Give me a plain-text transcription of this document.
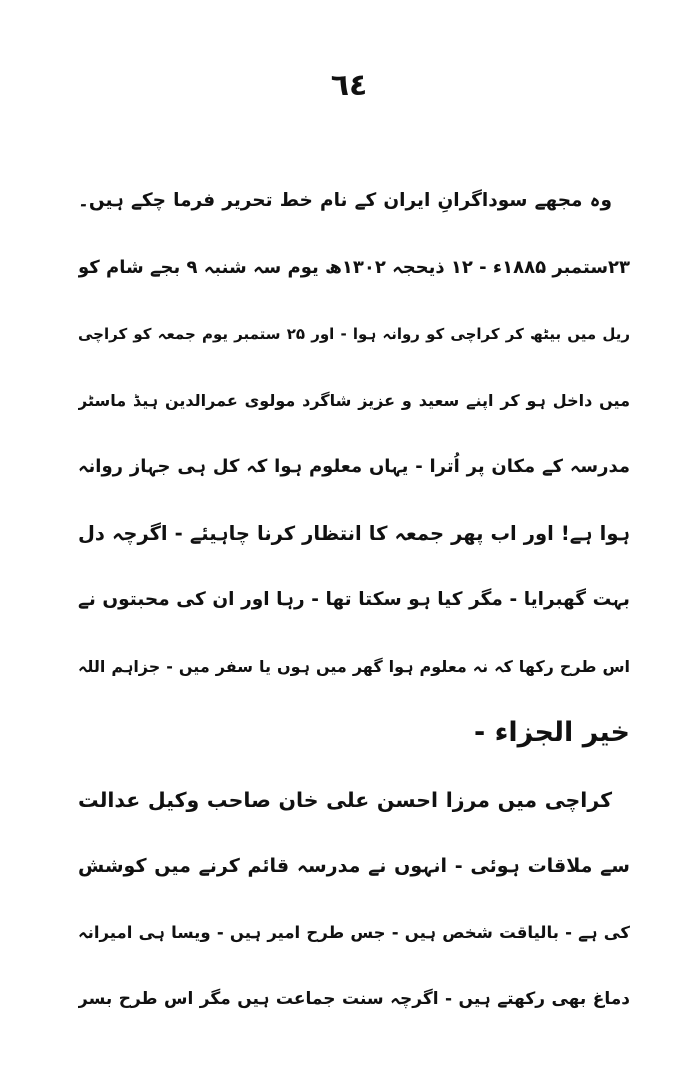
٦٤
وہ مجھے سوداگرانِ ایران کے نام خط تحریر فرما چکے ہیں۔
۲۳ستمبر ۱۸۸۵ء - ۱۲ ذیحجہ ۱۳۰۲ھ یوم سہ شنبہ ۹ بجے شام کو
ریل میں بیٹھ کر کراچی کو روانہ ہوا - اور ۲۵ ستمبر یوم جمعہ کو کراچی
میں داخل ہو کر اپنے سعید و عزیز شاگرد مولوی عمرالدین ہیڈ ماسٹر
مدرسہ کے مکان پر اُترا - یہاں معلوم ہوا کہ کل ہی جہاز روانہ
ہوا ہے! اور اب پھر جمعہ کا انتظار کرنا چاہیئے - اگرچہ دل
بہت گھبرایا - مگر کیا ہو سکتا تھا - رہا اور ان کی محبتوں نے
اس طرح رکھا کہ نہ معلوم ہوا گھر میں ہوں یا سفر میں - جزاہم اللہ
خیر الجزاء -
کراچی میں مرزا احسن علی خان صاحب وکیل عدالت
سے ملاقات ہوئی - انہوں نے مدرسہ قائم کرنے میں کوشش
کی ہے - بالیاقت شخص ہیں - جس طرح امیر ہیں - ویسا ہی امیرانہ
دماغ بھی رکھتے ہیں - اگرچہ سنت جماعت ہیں مگر اس طرح بسر
